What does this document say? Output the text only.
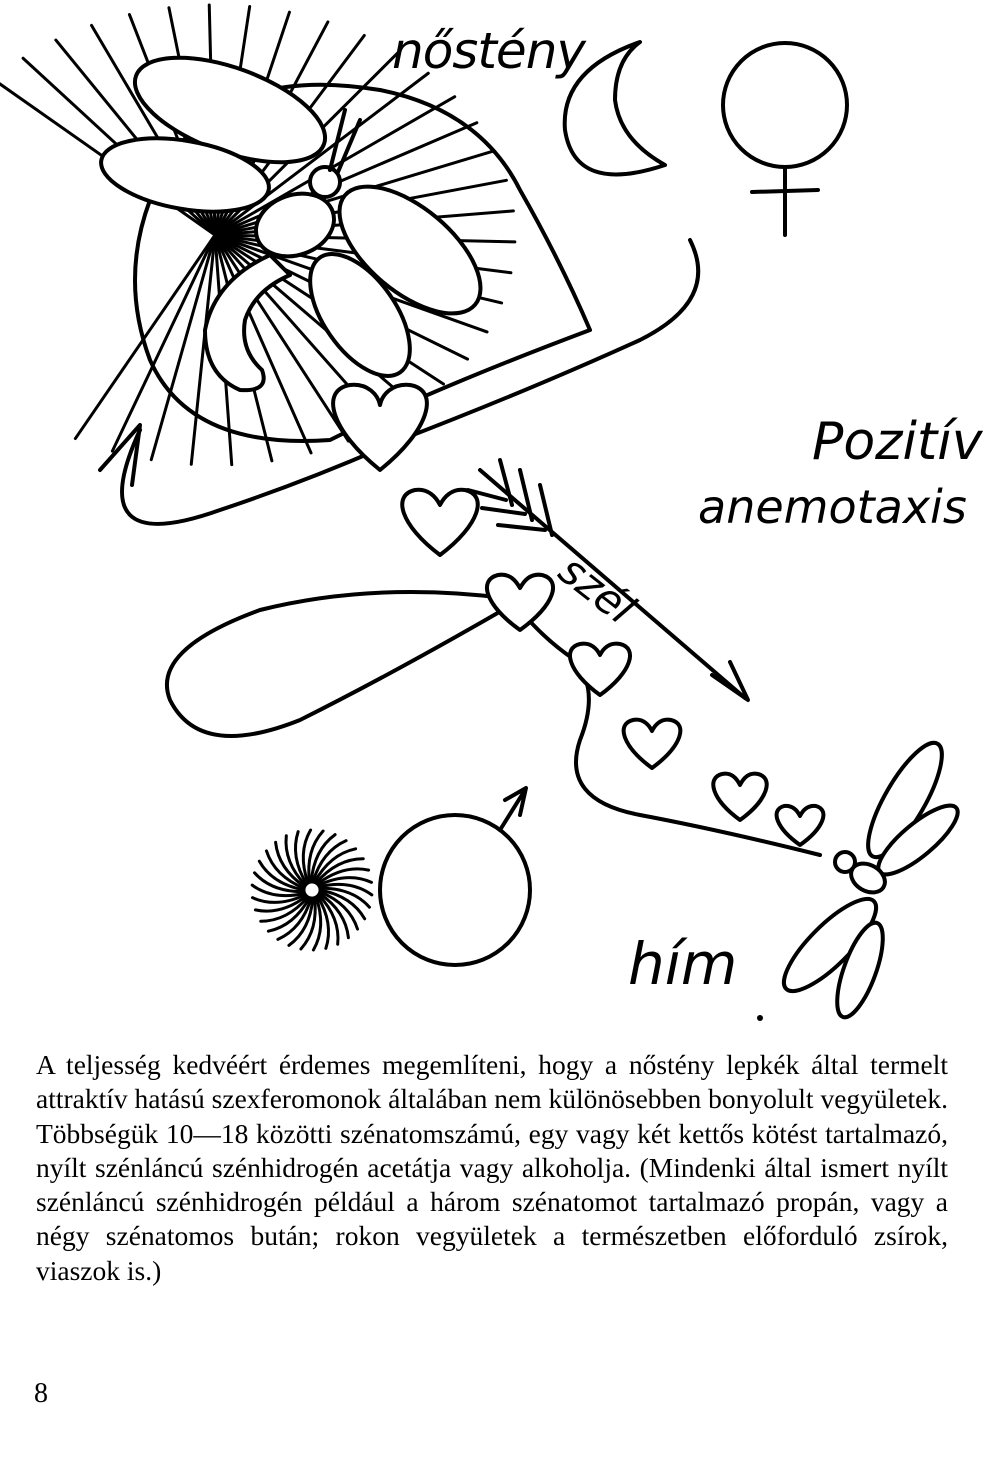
nőstény
Pozitív
anemotaxis
szél
hím

A teljesség kedvéért érdemes megemlíteni, hogy a nőstény lepkék által termelt attraktív hatású szexferomonok általában nem különösebben bonyolult vegyületek. Többségük 10—18 közötti szénatomszámú, egy vagy két kettős kötést tartalmazó, nyílt szénláncú szénhidrogén acetátja vagy alkoholja. (Mindenki által ismert nyílt szénláncú szénhidrogén például a három szénatomot tartalmazó propán, vagy a négy szénatomos bután; rokon vegyületek a természetben előforduló zsírok, viaszok is.)

8
